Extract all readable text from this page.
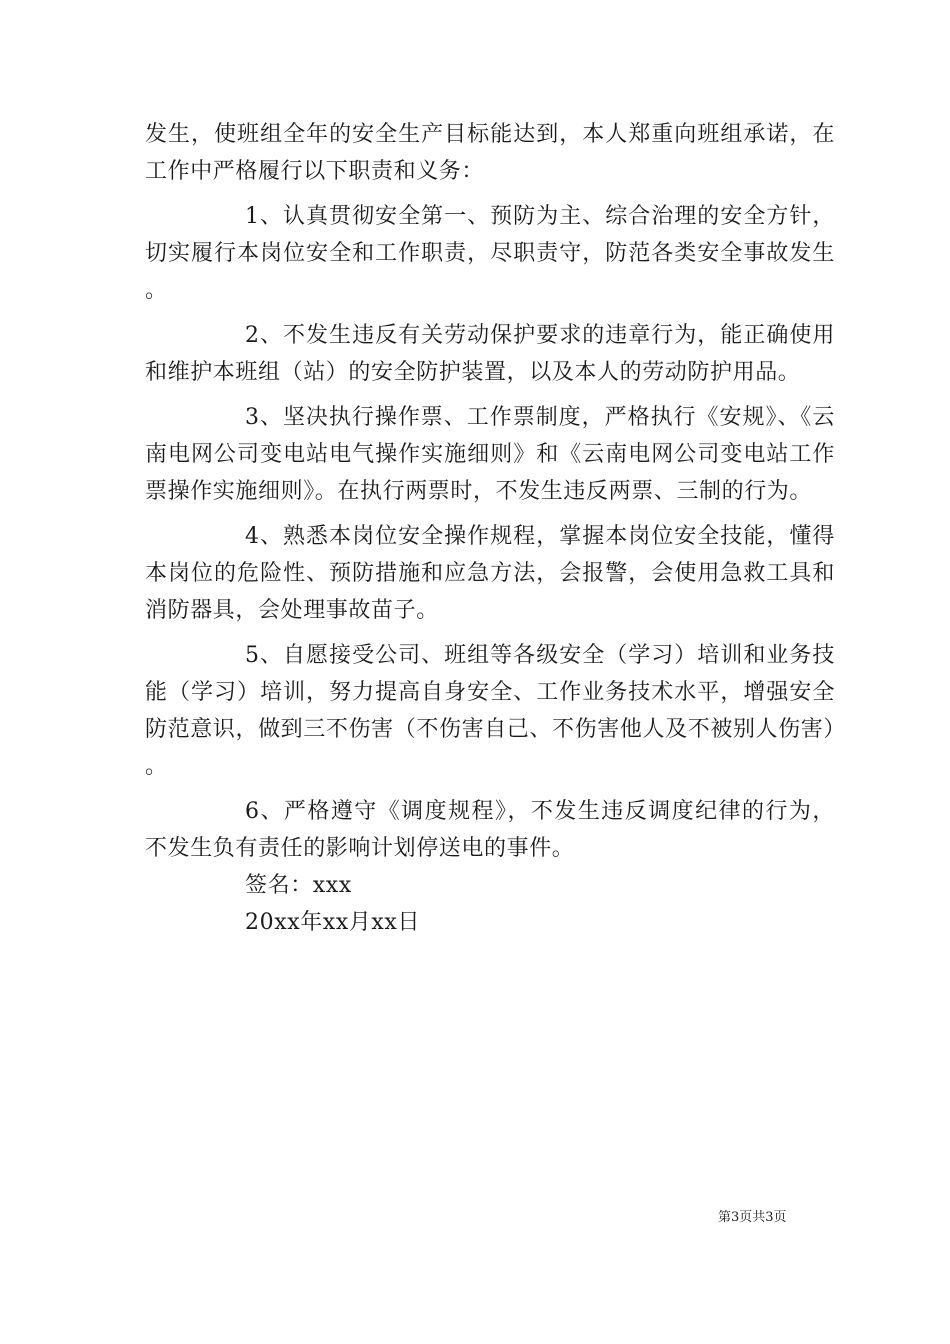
发生，使班组全年的安全生产目标能达到，本人郑重向班组承诺，在工作中严格履行以下职责和义务：

1、认真贯彻安全第一、预防为主、综合治理的安全方针，切实履行本岗位安全和工作职责，尽职责守，防范各类安全事故发生。

2、不发生违反有关劳动保护要求的违章行为，能正确使用和维护本班组（站）的安全防护装置，以及本人的劳动防护用品。

3、坚决执行操作票、工作票制度，严格执行《安规》、《云南电网公司变电站电气操作实施细则》和《云南电网公司变电站工作票操作实施细则》。在执行两票时，不发生违反两票、三制的行为。

4、熟悉本岗位安全操作规程，掌握本岗位安全技能，懂得本岗位的危险性、预防措施和应急方法，会报警，会使用急救工具和消防器具，会处理事故苗子。

5、自愿接受公司、班组等各级安全（学习）培训和业务技能（学习）培训，努力提高自身安全、工作业务技术水平，增强安全防范意识，做到三不伤害（不伤害自己、不伤害他人及不被别人伤害）。

6、严格遵守《调度规程》，不发生违反调度纪律的行为，不发生负有责任的影响计划停送电的事件。

签名：xxx

20xx年xx月xx日

第3页共3页
